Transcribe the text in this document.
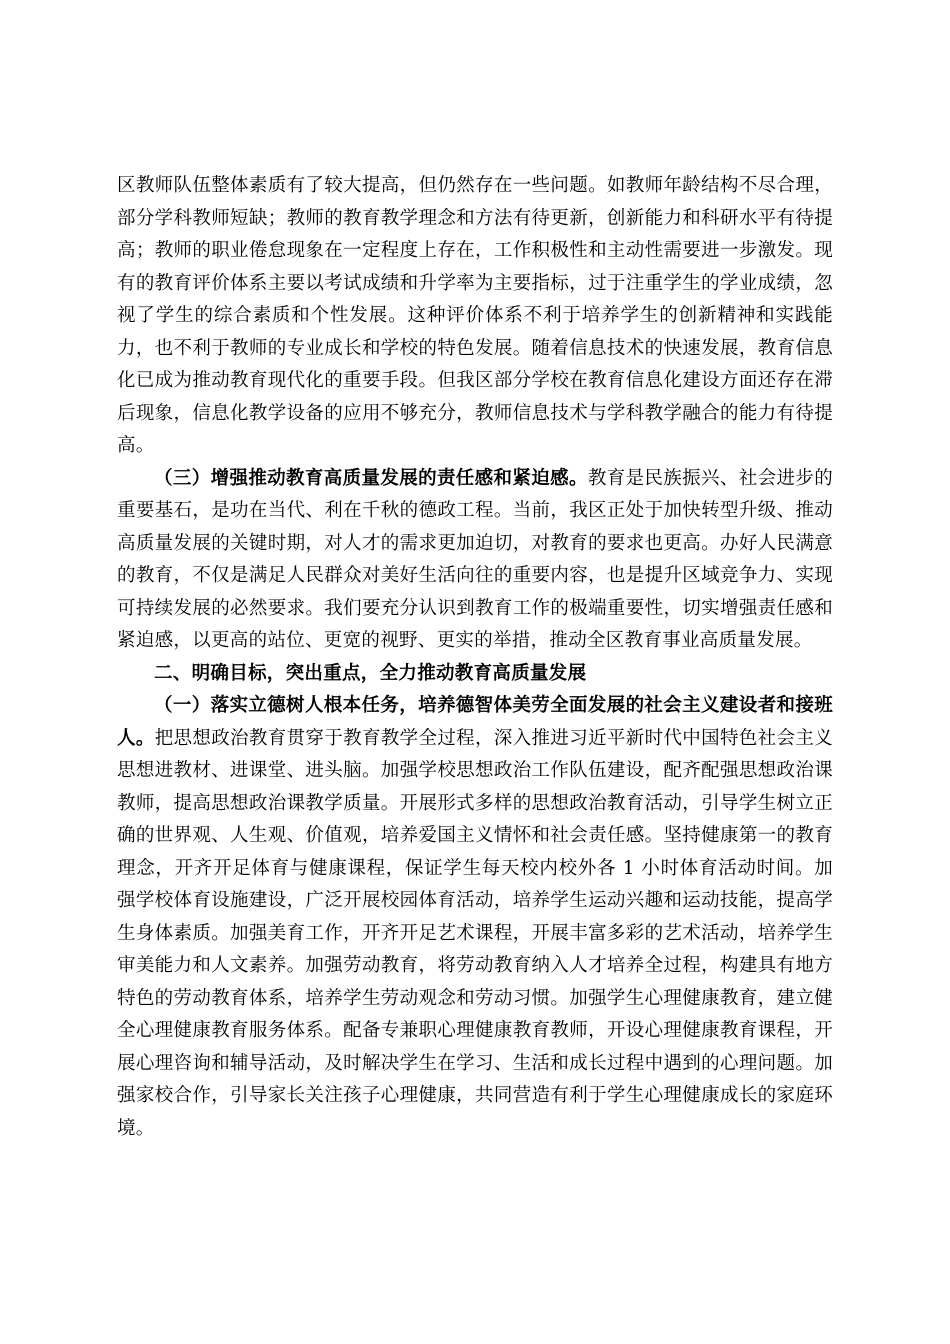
区教师队伍整体素质有了较大提高，但仍然存在一些问题。如教师年龄结构不尽合理，部分学科教师短缺；教师的教育教学理念和方法有待更新，创新能力和科研水平有待提高；教师的职业倦怠现象在一定程度上存在，工作积极性和主动性需要进一步激发。现有的教育评价体系主要以考试成绩和升学率为主要指标，过于注重学生的学业成绩，忽视了学生的综合素质和个性发展。这种评价体系不利于培养学生的创新精神和实践能力，也不利于教师的专业成长和学校的特色发展。随着信息技术的快速发展，教育信息化已成为推动教育现代化的重要手段。但我区部分学校在教育信息化建设方面还存在滞后现象，信息化教学设备的应用不够充分，教师信息技术与学科教学融合的能力有待提高。

（三）增强推动教育高质量发展的责任感和紧迫感。教育是民族振兴、社会进步的重要基石，是功在当代、利在千秋的德政工程。当前，我区正处于加快转型升级、推动高质量发展的关键时期，对人才的需求更加迫切，对教育的要求也更高。办好人民满意的教育，不仅是满足人民群众对美好生活向往的重要内容，也是提升区域竞争力、实现可持续发展的必然要求。我们要充分认识到教育工作的极端重要性，切实增强责任感和紧迫感，以更高的站位、更宽的视野、更实的举措，推动全区教育事业高质量发展。

二、明确目标，突出重点，全力推动教育高质量发展

（一）落实立德树人根本任务，培养德智体美劳全面发展的社会主义建设者和接班人。把思想政治教育贯穿于教育教学全过程，深入推进习近平新时代中国特色社会主义思想进教材、进课堂、进头脑。加强学校思想政治工作队伍建设，配齐配强思想政治课教师，提高思想政治课教学质量。开展形式多样的思想政治教育活动，引导学生树立正确的世界观、人生观、价值观，培养爱国主义情怀和社会责任感。坚持健康第一的教育理念，开齐开足体育与健康课程，保证学生每天校内校外各 1 小时体育活动时间。加强学校体育设施建设，广泛开展校园体育活动，培养学生运动兴趣和运动技能，提高学生身体素质。加强美育工作，开齐开足艺术课程，开展丰富多彩的艺术活动，培养学生审美能力和人文素养。加强劳动教育，将劳动教育纳入人才培养全过程，构建具有地方特色的劳动教育体系，培养学生劳动观念和劳动习惯。加强学生心理健康教育，建立健全心理健康教育服务体系。配备专兼职心理健康教育教师，开设心理健康教育课程，开展心理咨询和辅导活动，及时解决学生在学习、生活和成长过程中遇到的心理问题。加强家校合作，引导家长关注孩子心理健康，共同营造有利于学生心理健康成长的家庭环境。
